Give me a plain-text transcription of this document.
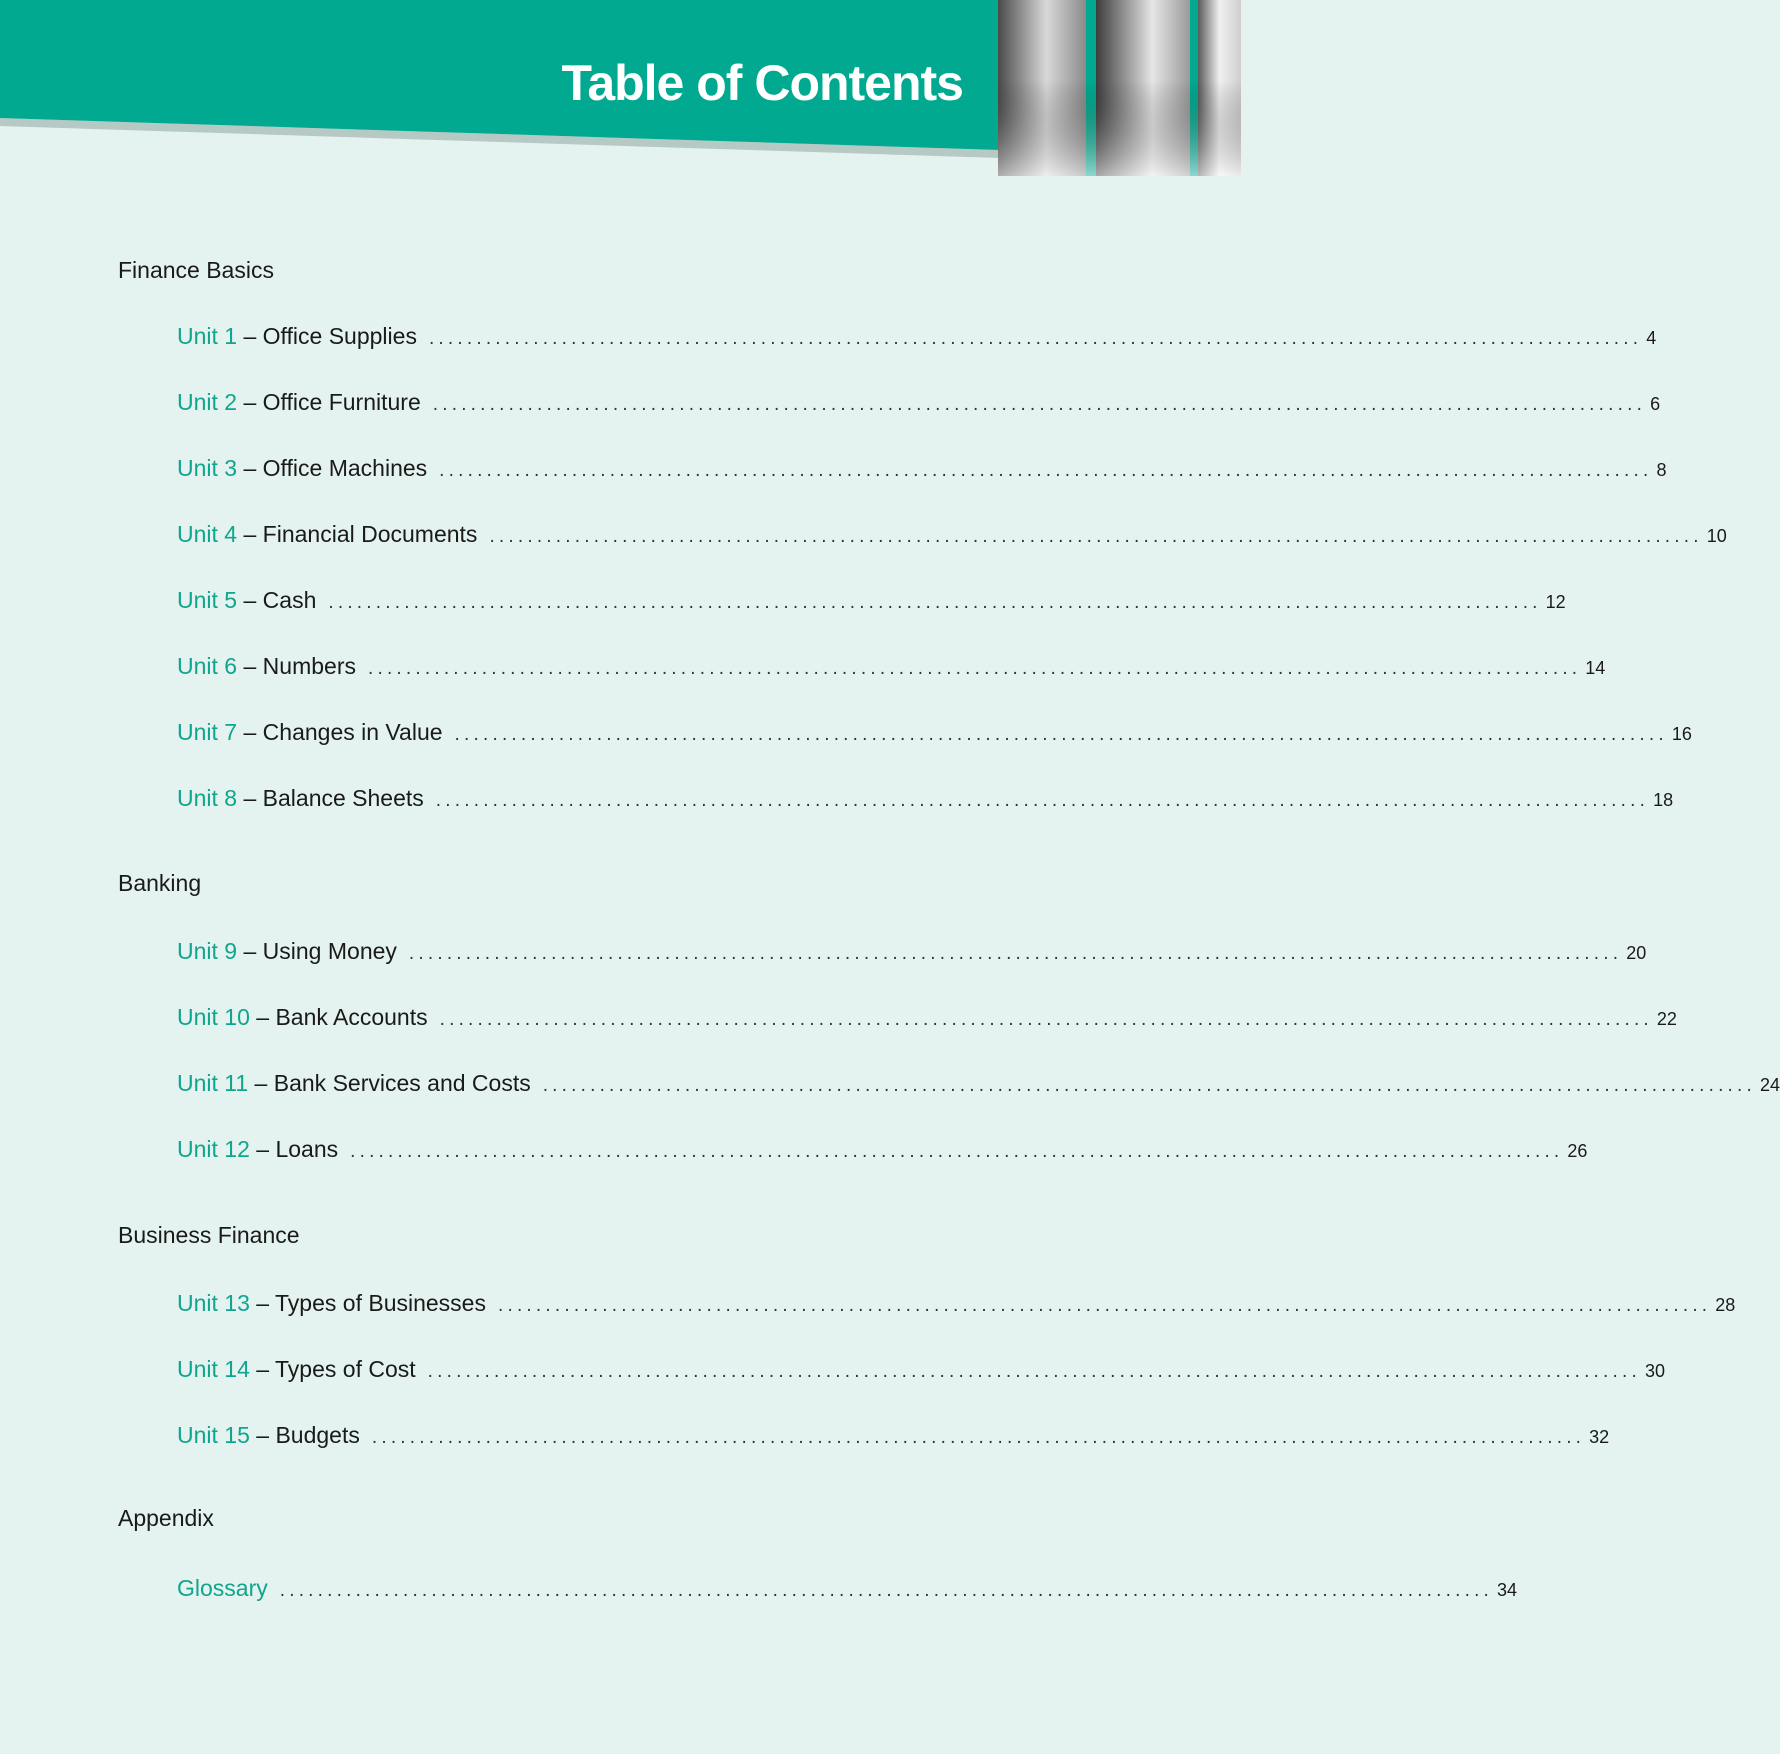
Table of Contents
Finance Basics
Unit 1 – Office Supplies ................................................................................................................................ 4
Unit 2 – Office Furniture ................................................................................................................................ 6
Unit 3 – Office Machines ................................................................................................................................ 8
Unit 4 – Financial Documents ................................................................................................................................ 10
Unit 5 – Cash ................................................................................................................................ 12
Unit 6 – Numbers ................................................................................................................................ 14
Unit 7 – Changes in Value ................................................................................................................................ 16
Unit 8 – Balance Sheets ................................................................................................................................ 18
Banking
Unit 9 – Using Money ................................................................................................................................ 20
Unit 10 – Bank Accounts ................................................................................................................................ 22
Unit 11 – Bank Services and Costs ................................................................................................................................ 24
Unit 12 – Loans ................................................................................................................................ 26
Business Finance
Unit 13 – Types of Businesses ................................................................................................................................ 28
Unit 14 – Types of Cost ................................................................................................................................ 30
Unit 15 – Budgets ................................................................................................................................ 32
Appendix
Glossary ................................................................................................................................ 34
